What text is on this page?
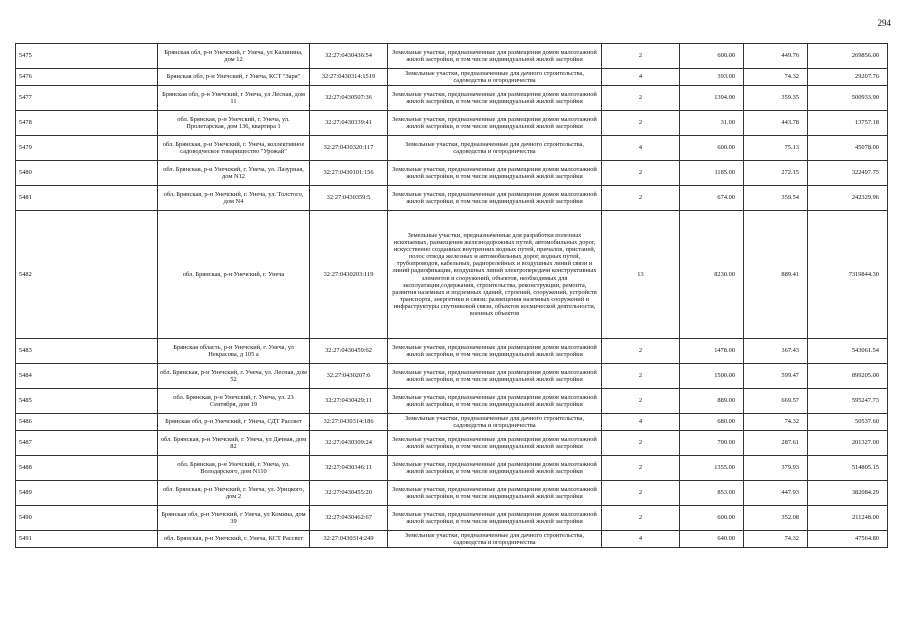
294
5475	Брянская обл, р-н Унечский, г Унеча, ул Калинина, дом 12	32:27:0430436:54	Земельные участки, предназначенные для размещения домов малоэтажной жилой застройки, в том числе индивидуальной жилой застройки	2	600.00	449.76	269856.00
5476	Брянская обл, р-н Унечский, г Унеча, КСТ "Заря"	32:27:0430314:1519	Земельные участки, предназначенные для дачного строительства, садоводства и огородничества	4	393.00	74.32	29207.76
5477	Брянская обл, р-н Унечский, г Унеча, ул Лесная, дом 11	32:27:0430507:36	Земельные участки, предназначенные для размещения домов малоэтажной жилой застройки, в том числе индивидуальной жилой застройки	2	1394.00	359.35	500933.90
5478	обл. Брянская, р-н Унечский, г. Унеча, ул. Пролетарская, дом 136, квартира 1	32:27:0430339:41	Земельные участки, предназначенные для размещения домов малоэтажной жилой застройки, в том числе индивидуальной жилой застройки	2	31.00	443.78	13757.18
5479	обл. Брянская, р-н Унечский, г. Унеча, коллективное садоводческое товарищество "Урожай"	32:27:0430320:117	Земельные участки, предназначенные для дачного строительства, садоводства и огородничества	4	600.00	75.13	45078.00
5480	обл. Брянская, р-н Унечский, г. Унеча, ул. Лазурная, дом N12	32:27:0430101:156	Земельные участки, предназначенные для размещения домов малоэтажной жилой застройки, в том числе индивидуальной жилой застройки	2	1185.00	272.15	322497.75
5481	обл. Брянская, р-н Унечский, г. Унеча, ул. Толстого, дом N4	32:27:0430359:5	Земельные участки, предназначенные для размещения домов малоэтажной жилой застройки, в том числе индивидуальной жилой застройки	2	674.00	359.54	242329.96
5482	обл. Брянская, р-н Унечский, г. Унеча	32:27:0430203:119	Земельные участки, предназначенные для разработки полезных ископаемых, размещения железнодорожных путей, автомобильных дорог, искусственно созданных внутренних водных путей, причалов, пристаней, полос отвода железных и автомобильных дорог, водных путей, трубопроводов, кабельных, радиорелейных и воздушных линий связи и линий радиофикации, воздушных линий электропередачи конструктивных элементов и сооружений, объектов, необходимых для эксплуатации,содержания, строительства, реконструкции, ремонта, развития наземных и подземных зданий, строений, сооружений, устройств транспорта, энергетики и связи; размещения наземных сооружений и инфраструктуры спутниковой связи, объектов космической деятельности, военных объектов	13	8230.00	889.41	7319844.30
5483	Брянская область, р-н Унечский, г. Унеча, ул Некрасова, д 105 а	32:27:0430459:62	Земельные участки, предназначенные для размещения домов малоэтажной жилой застройки, в том числе индивидуальной жилой застройки	2	1478.00	367.43	543061.54
5484	обл. Брянская, р-н Унечский, г. Унеча, ул. Лесная, дом 52	32:27:0430207:6	Земельные участки, предназначенные для размещения домов малоэтажной жилой застройки, в том числе индивидуальной жилой застройки	2	1500.00	599.47	899205.00
5485	обл. Брянская, р-н Унечский, г. Унеча, ул. 23 Сентября, дом 19	32:27:0430429:11	Земельные участки, предназначенные для размещения домов малоэтажной жилой застройки, в том числе индивидуальной жилой застройки	2	889.00	669.57	595247.73
5486	Брянская обл, р-н Унечский, г Унеча, СДТ Рассвет	32:27:0430314:186	Земельные участки, предназначенные для дачного строительства, садоводства и огородничества	4	680.00	74.32	50537.60
5487	обл. Брянская, р-н Унечский, г. Унеча, ул Дачная, дом 82	32:27:0430309:24	Земельные участки, предназначенные для размещения домов малоэтажной жилой застройки, в том числе индивидуальной жилой застройки	2	700.00	287.61	201327.00
5488	обл. Брянская, р-н Унечский, г. Унеча, ул. Володарского, дом N110	32:27:0430346:11	Земельные участки, предназначенные для размещения домов малоэтажной жилой застройки, в том числе индивидуальной жилой застройки	2	1355.00	379.93	514805.15
5489	обл. Брянская, р-н Унечский, г. Унеча, ул. Урицкого, дом 2	32:27:0430455:20	Земельные участки, предназначенные для размещения домов малоэтажной жилой застройки, в том числе индивидуальной жилой застройки	2	853.00	447.93	382084.29
5490	Брянская обл, р-н Унечский, г Унеча, ул Комина, дом 39	32:27:0430462:67	Земельные участки, предназначенные для размещения домов малоэтажной жилой застройки, в том числе индивидуальной жилой застройки	2	600.00	352.08	211248.00
5491	обл. Брянская, р-н Унечский, г. Унеча, КСТ Рассвет	32:27:0430314:249	Земельные участки, предназначенные для дачного строительства, садоводства и огородничества	4	640.00	74.32	47564.80
